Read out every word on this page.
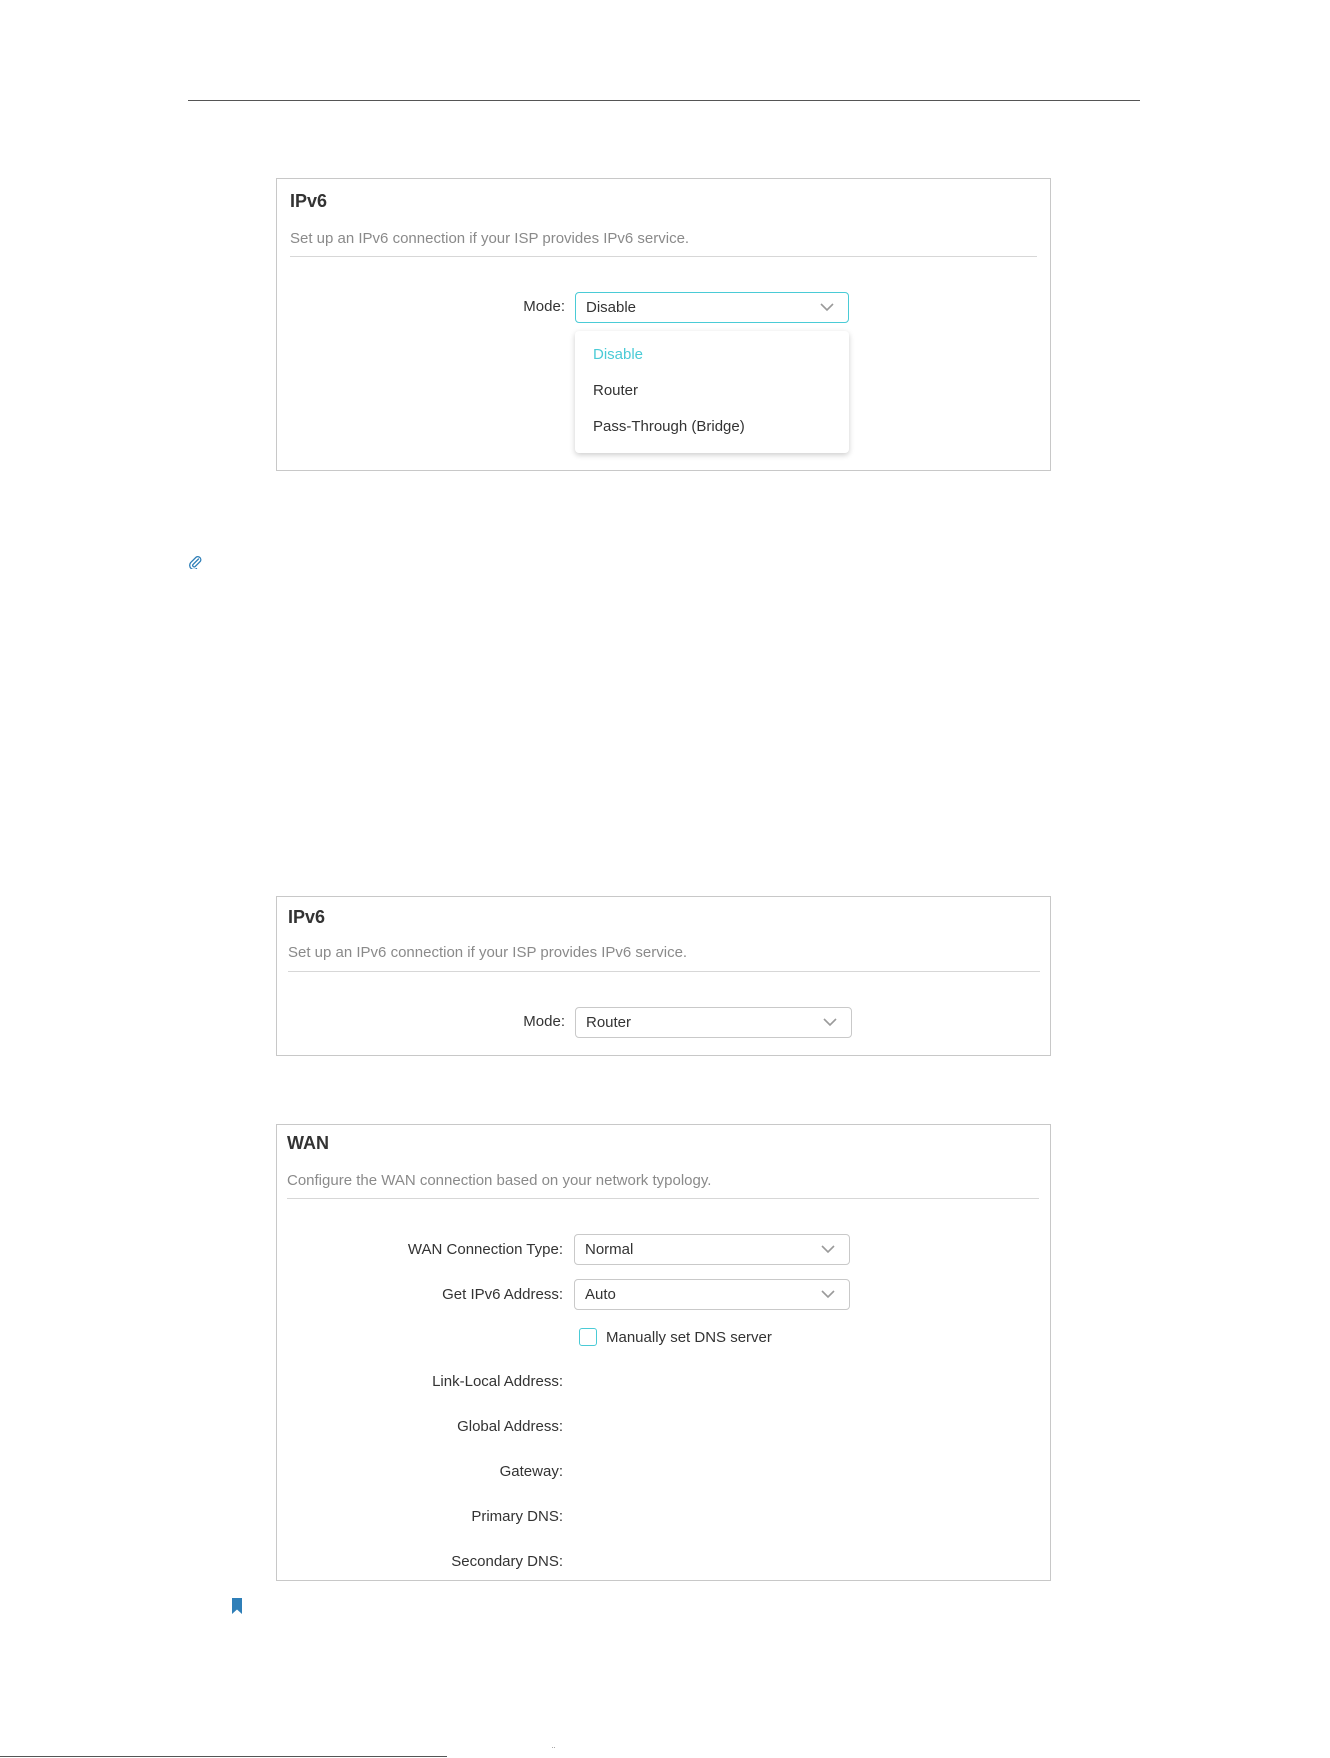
IPv6
Set up an IPv6 connection if your ISP provides IPv6 service.
Mode:	Disable
Disable
Router
Pass-Through (Bridge)
IPv6
Set up an IPv6 connection if your ISP provides IPv6 service.
Mode:	Router
WAN
Configure the WAN connection based on your network typology.
WAN Connection Type:	Normal
Get IPv6 Address:	Auto
Manually set DNS server
Link-Local Address:
Global Address:
Gateway:
Primary DNS:
Secondary DNS:
¨
